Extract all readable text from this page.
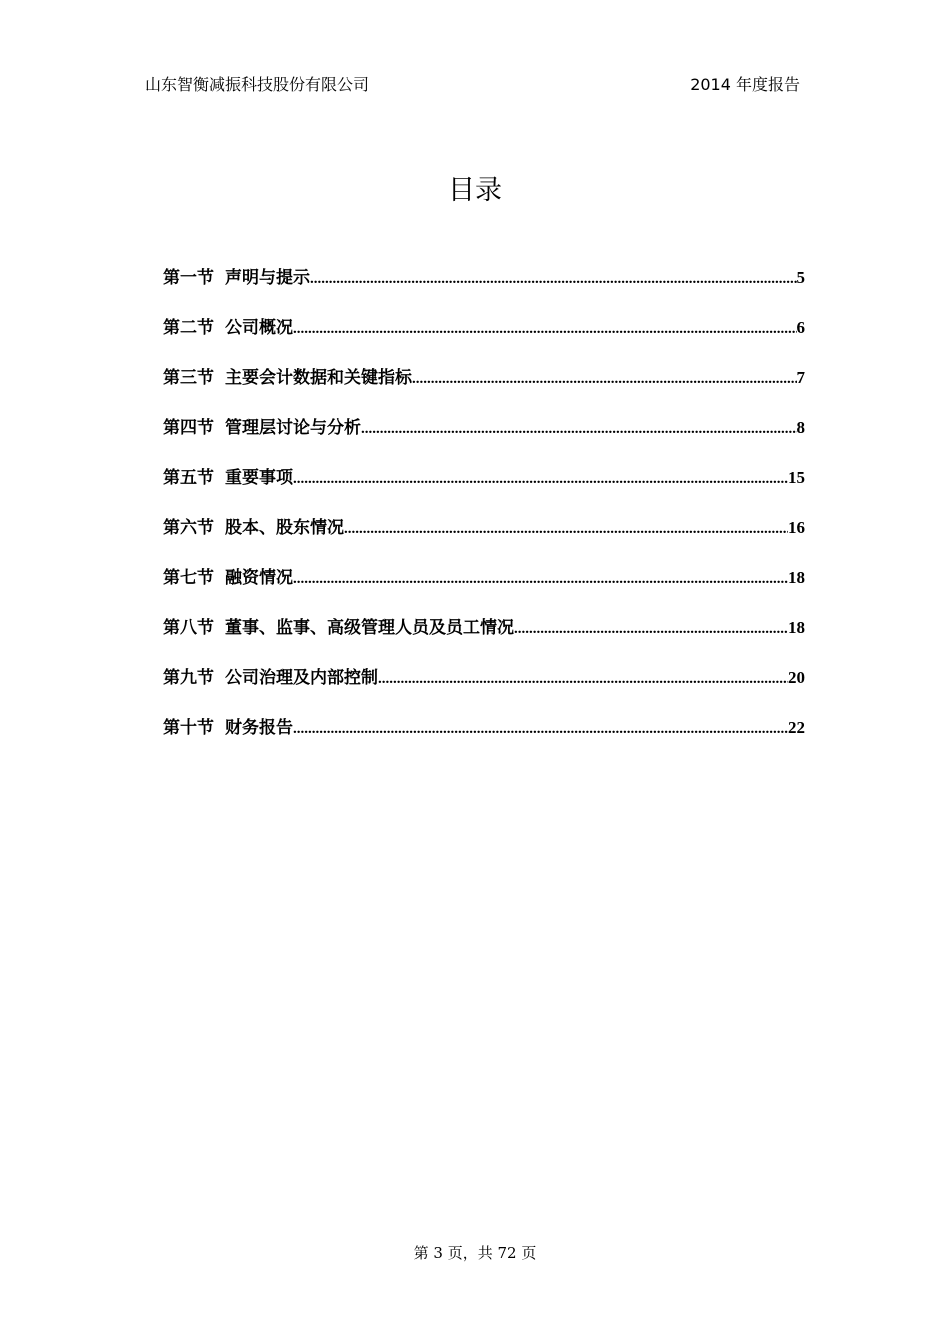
山东智衡减振科技股份有限公司	2014 年度报告
目录
第一节 声明与提示 .....	5
第二节 公司概况 .....	6
第三节 主要会计数据和关键指标 .....	7
第四节 管理层讨论与分析 .....	8
第五节 重要事项 .....	15
第六节 股本、股东情况 .....	16
第七节 融资情况 .....	18
第八节 董事、监事、高级管理人员及员工情况 .....	18
第九节 公司治理及内部控制 .....	20
第十节 财务报告 .....	22
第 3 页，共 72 页
